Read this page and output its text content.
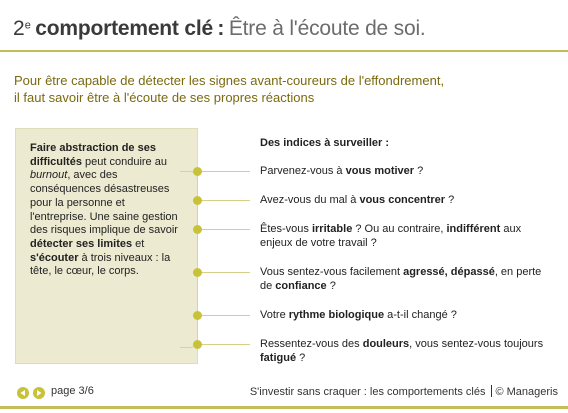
2e comportement clé : Être à l'écoute de soi.
Pour être capable de détecter les signes avant-coureurs de l'effondrement,
il faut savoir être à l'écoute de ses propres réactions
Faire abstraction de ses difficultés peut conduire au burnout, avec des conséquences désastreuses pour la personne et l'entreprise. Une saine gestion des risques implique de savoir détecter ses limites et s'écouter à trois niveaux : la tête, le cœur, le corps.
Des indices à surveiller :
Parvenez-vous à vous motiver ?
Avez-vous du mal à vous concentrer ?
Êtes-vous irritable ? Ou au contraire, indifférent aux enjeux de votre travail ?
Vous sentez-vous facilement agressé, dépassé, en perte de confiance ?
Votre rythme biologique a-t-il changé ?
Ressentez-vous des douleurs, vous sentez-vous toujours fatigué ?
page 3/6	S'investir sans craquer : les comportements clés © Manageris
